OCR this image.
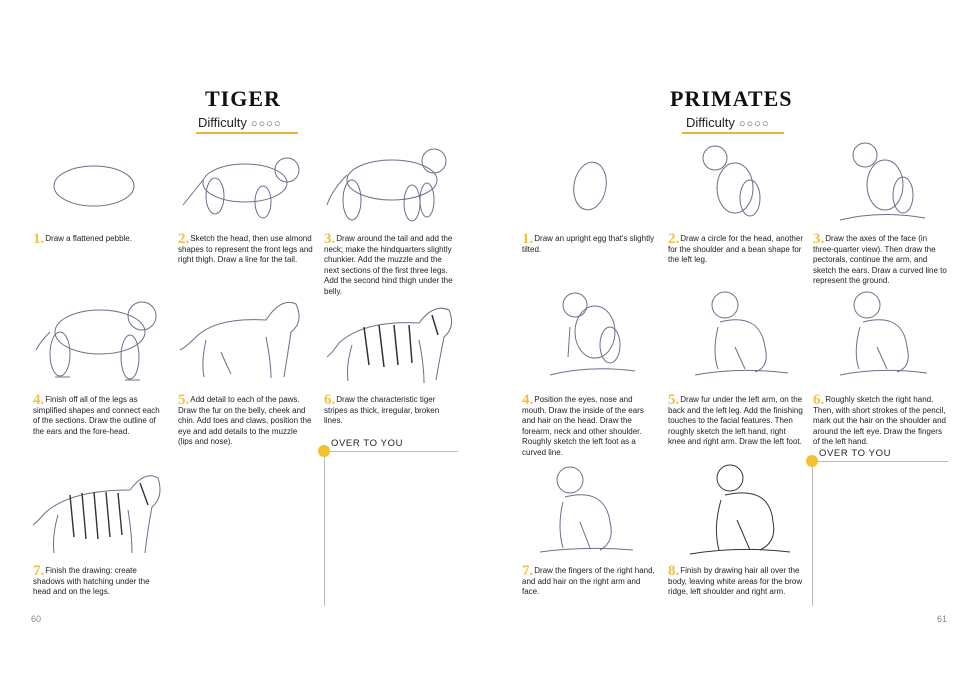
TIGER
Difficulty ○○○○
1.Draw a flattened pebble.	2.Sketch the head, then use almond shapes to represent the front legs and right thigh. Draw a line for the tail.
3.Draw around the tail and add the neck; make the hindquarters slightly chunkier. Add the muzzle and the next sections of the first three legs. Add the second hind thigh under the belly.
4.Finish off all of the legs as simplified shapes and connect each of the sections. Draw the outline of the ears and the fore-head.
5.Add detail to each of the paws. Draw the fur on the belly, cheek and chin. Add toes and claws, position the eye and add details to the muzzle (lips and nose).
6.Draw the characteristic tiger stripes as thick, irregular, broken lines.
7.Finish the drawing: create shadows with hatching under the head and on the legs.
OVER TO YOU
60
PRIMATES
Difficulty ○○○○
1.Draw an upright egg that's slightly tilted.
2.Draw a circle for the head, another for the shoulder and a bean shape for the left leg.
3.Draw the axes of the face (in three-quarter view). Then draw the pectorals, continue the arm, and sketch the ears. Draw a curved line to represent the ground.
4.Position the eyes, nose and mouth. Draw the inside of the ears and hair on the head. Draw the forearm, neck and other shoulder. Roughly sketch the left foot as a curved line.
5.Draw fur under the left arm, on the back and the left leg. Add the finishing touches to the facial features. Then roughly sketch the left hand, right knee and right arm. Draw the left foot.
6.Roughly sketch the right hand. Then, with short strokes of the pencil, mark out the hair on the shoulder and around the left eye. Draw the fingers of the left hand.
7.Draw the fingers of the right hand, and add hair on the right arm and face.
8.Finish by drawing hair all over the body, leaving white areas for the brow ridge, left shoulder and right arm.
OVER TO YOU
61
